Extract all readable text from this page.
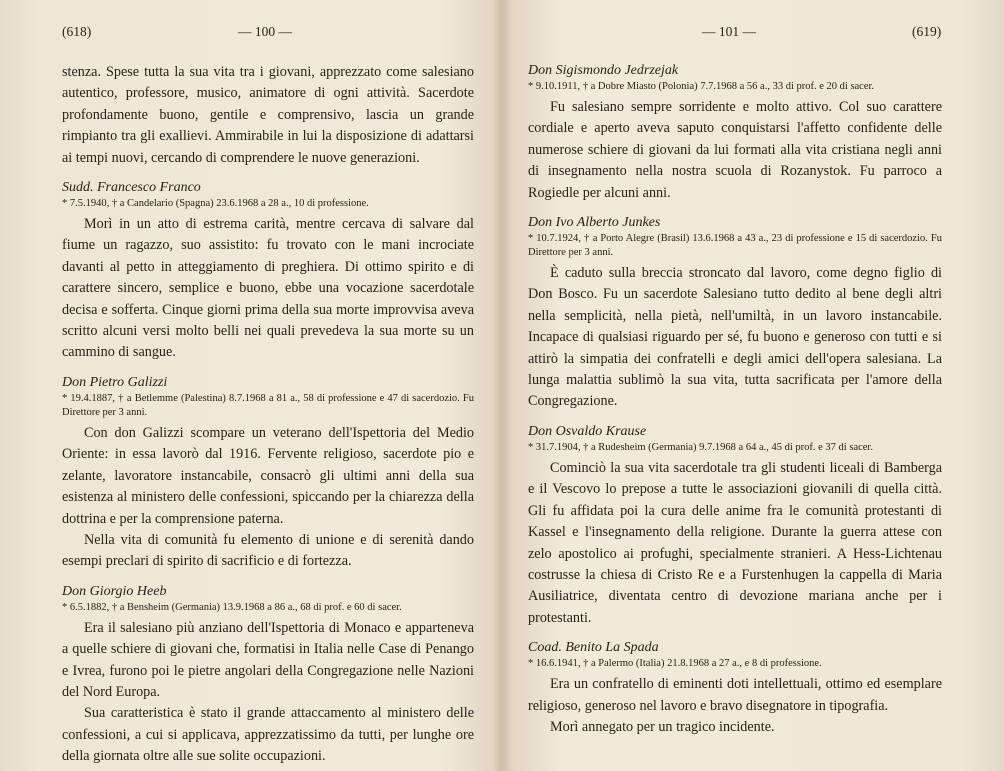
(618)	— 100 —

stenza. Spese tutta la sua vita tra i giovani, apprezzato come salesiano autentico, professore, musico, animatore di ogni attività. Sacerdote profondamente buono, gentile e comprensivo, lascia un grande rimpianto tra gli exallievi. Ammirabile in lui la disposizione di adattarsi ai tempi nuovi, cercando di comprendere le nuove generazioni.

Sudd. Francesco Franco
* 7.5.1940, † a Candelario (Spagna) 23.6.1968 a 28 a., 10 di professione.

Morì in un atto di estrema carità, mentre cercava di salvare dal fiume un ragazzo, suo assistito: fu trovato con le mani incrociate davanti al petto in atteggiamento di preghiera. Di ottimo spirito e di carattere sincero, semplice e buono, ebbe una vocazione sacerdotale decisa e sofferta. Cinque giorni prima della sua morte improvvisa aveva scritto alcuni versi molto belli nei quali prevedeva la sua morte su un cammino di sangue.

Don Pietro Galizzi
* 19.4.1887, † a Betlemme (Palestina) 8.7.1968 a 81 a., 58 di professione e 47 di sacerdozio. Fu Direttore per 3 anni.

Con don Galizzi scompare un veterano dell'Ispettoria del Medio Oriente: in essa lavorò dal 1916. Fervente religioso, sacerdote pio e zelante, lavoratore instancabile, consacrò gli ultimi anni della sua esistenza al ministero delle confessioni, spiccando per la chiarezza della dottrina e per la comprensione paterna.

Nella vita di comunità fu elemento di unione e di serenità dando esempi preclari di spirito di sacrificio e di fortezza.

Don Giorgio Heeb
* 6.5.1882, † a Bensheim (Germania) 13.9.1968 a 86 a., 68 di prof. e 60 di sacer.

Era il salesiano più anziano dell'Ispettoria di Monaco e apparteneva a quelle schiere di giovani che, formatisi in Italia nelle Case di Penango e Ivrea, furono poi le pietre angolari della Congregazione nelle Nazioni del Nord Europa.

Sua caratteristica è stato il grande attaccamento al ministero delle confessioni, a cui si applicava, apprezzatissimo da tutti, per lunghe ore della giornata oltre alle sue solite occupazioni.

— 101 —	(619)
Don Sigismondo Jedrzejak
* 9.10.1911, † a Dobre Miasto (Polonia) 7.7.1968 a 56 a., 33 di prof. e 20 di sacer.

Fu salesiano sempre sorridente e molto attivo. Col suo carattere cordiale e aperto aveva saputo conquistarsi l'affetto confidente delle numerose schiere di giovani da lui formati alla vita cristiana negli anni di insegnamento nella nostra scuola di Rozanystok. Fu parroco a Rogiedle per alcuni anni.

Don Ivo Alberto Junkes
* 10.7.1924, † a Porto Alegre (Brasil) 13.6.1968 a 43 a., 23 di professione e 15 di sacerdozio. Fu Direttore per 3 anni.

È caduto sulla breccia stroncato dal lavoro, come degno figlio di Don Bosco. Fu un sacerdote Salesiano tutto dedito al bene degli altri nella semplicità, nella pietà, nell'umiltà, in un lavoro instancabile. Incapace di qualsiasi riguardo per sé, fu buono e generoso con tutti e si attirò la simpatia dei confratelli e degli amici dell'opera salesiana. La lunga malattia sublimò la sua vita, tutta sacrificata per l'amore della Congregazione.

Don Osvaldo Krause
* 31.7.1904, † a Rudesheim (Germania) 9.7.1968 a 64 a., 45 di prof. e 37 di sacer.

Cominciò la sua vita sacerdotale tra gli studenti liceali di Bamberga e il Vescovo lo prepose a tutte le associazioni giovanili di quella città. Gli fu affidata poi la cura delle anime fra le comunità protestanti di Kassel e l'insegnamento della religione. Durante la guerra attese con zelo apostolico ai profughi, specialmente stranieri. A Hess-Lichtenau costrusse la chiesa di Cristo Re e a Furstenhugen la cappella di Maria Ausiliatrice, diventata centro di devozione mariana anche per i protestanti.

Coad. Benito La Spada
* 16.6.1941, † a Palermo (Italia) 21.8.1968 a 27 a., e 8 di professione.

Era un confratello di eminenti doti intellettuali, ottimo ed esemplare religioso, generoso nel lavoro e bravo disegnatore in tipografia.

Morì annegato per un tragico incidente.
